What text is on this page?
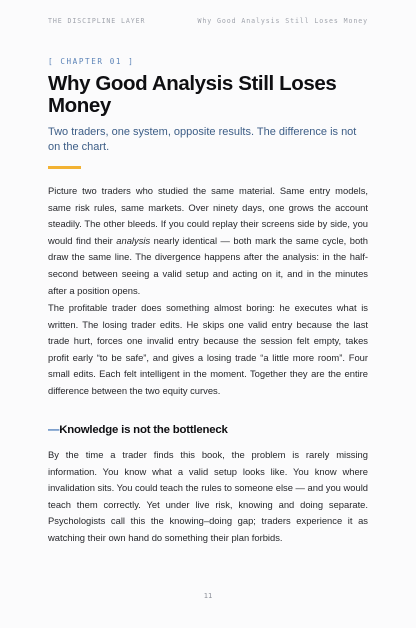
THE DISCIPLINE LAYER	Why Good Analysis Still Loses Money
[ CHAPTER 01 ]
Why Good Analysis Still Loses Money

Two traders, one system, opposite results. The difference is not on the chart.

Picture two traders who studied the same material. Same entry models, same risk rules, same markets. Over ninety days, one grows the account steadily. The other bleeds. If you could replay their screens side by side, you would find their analysis nearly identical — both mark the same cycle, both draw the same line. The divergence happens after the analysis: in the half-second between seeing a valid setup and acting on it, and in the minutes after a position opens.

The profitable trader does something almost boring: he executes what is written. The losing trader edits. He skips one valid entry because the last trade hurt, forces one invalid entry because the session felt empty, takes profit early “to be safe”, and gives a losing trade “a little more room”. Four small edits. Each felt intelligent in the moment. Together they are the entire difference between the two equity curves.

—Knowledge is not the bottleneck

By the time a trader finds this book, the problem is rarely missing information. You know what a valid setup looks like. You know where invalidation sits. You could teach the rules to someone else — and you would teach them correctly. Yet under live risk, knowing and doing separate. Psychologists call this the knowing–doing gap; traders experience it as watching their own hand do something their plan forbids.

11
